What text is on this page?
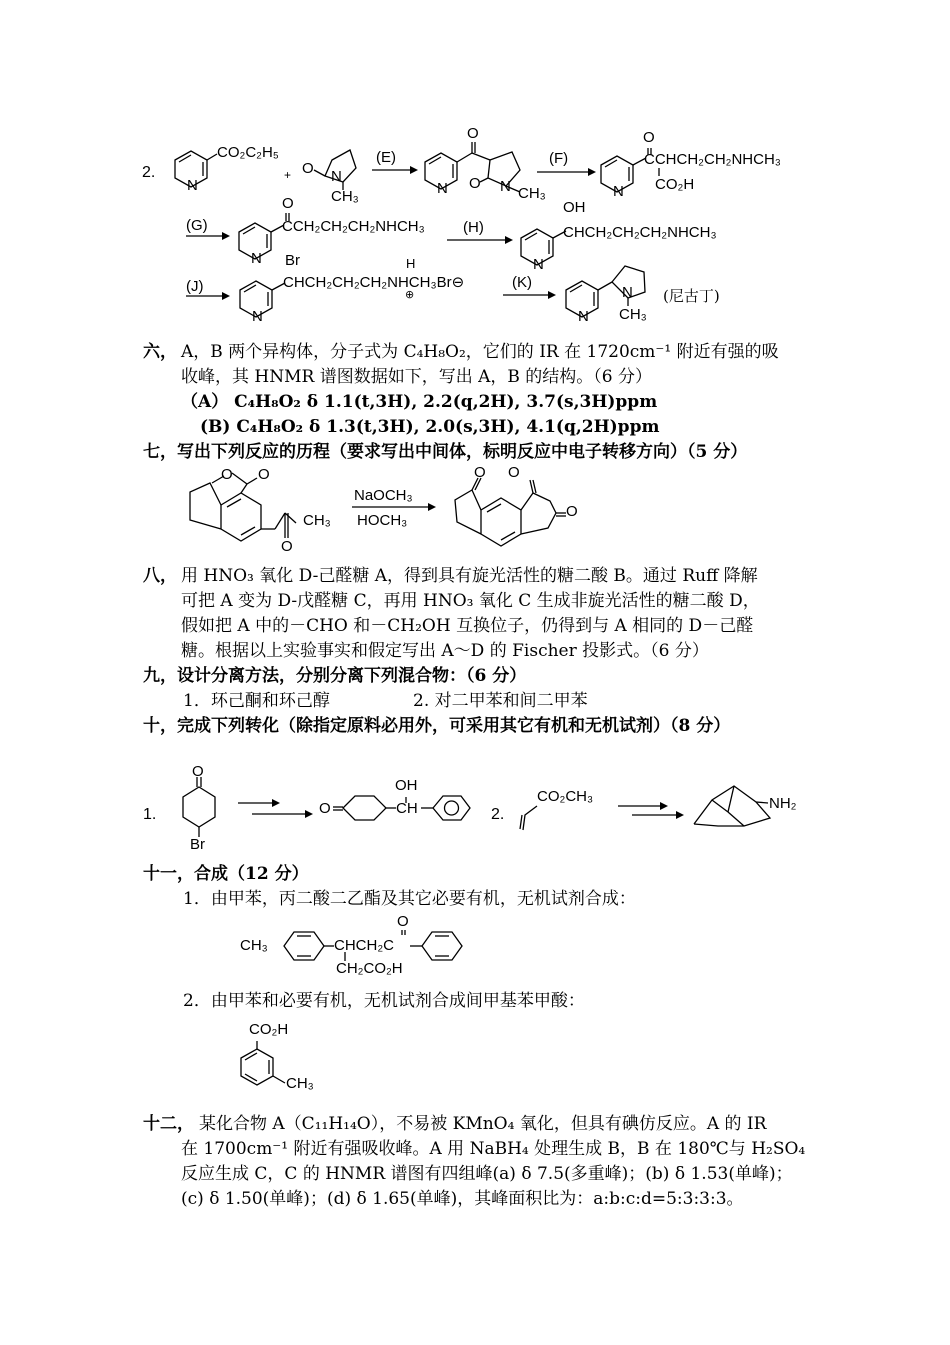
2.
N
CO₂C₂H₅
+ O N
CH₃
(E)
N
O
O N CH₃
(F)
N
O
CCHCH₂CH₂NHCH₃
CO₂H
(G)
N
O
CCH₂CH₂CH₂NHCH₃	(H)
N
OH
CHCH₂CH₂CH₂NHCH₃
(J)
N
Br	H
CHCH₂CH₂CH₂NHCH₃Br⊖
⊕
(K)
N
N
CH₃
(尼古丁)
六， A，B 两个异构体，分子式为 C₄H₈O₂，它们的 IR 在 1720cm⁻¹ 附近有强的吸
收峰，其 HNMR 谱图数据如下，写出 A，B 的结构。（6 分）
（A） C₄H₈O₂ δ 1.1(t,3H), 2.2(q,2H), 3.7(s,3H)ppm
(B) C₄H₈O₂ δ 1.3(t,3H), 2.0(s,3H), 4.1(q,2H)ppm
七，写出下列反应的历程（要求写出中间体，标明反应中电子转移方向）（5 分）
O O
O
CH₃
NaOCH₃
HOCH₃
O O
O
八， 用 HNO₃ 氧化 D-己醛糖 A，得到具有旋光活性的糖二酸 B。通过 Ruff 降解
可把 A 变为 D-戊醛糖 C，再用 HNO₃ 氧化 C 生成非旋光活性的糖二酸 D，
假如把 A 中的－CHO 和－CH₂OH 互换位子，仍得到与 A 相同的 D－己醛
糖。根据以上实验事实和假定写出 A～D 的 Fischer 投影式。（6 分）
九，设计分离方法，分别分离下列混合物：（6 分）
1．环己酮和环己醇	2. 对二甲苯和间二甲苯
十，完成下列转化（除指定原料必用外，可采用其它有机和无机试剂）（8 分）
1.
O
Br
O
OH
CH	2.
CO₂CH₃	NH₂
十一，合成（12 分）
1．由甲苯，丙二酸二乙酯及其它必要有机，无机试剂合成：
CH₃	CHCH₂C
O
CH₂CO₂H
2．由甲苯和必要有机，无机试剂合成间甲基苯甲酸：
CO₂H
CH₃
十二， 某化合物 A（C₁₁H₁₄O），不易被 KMnO₄ 氧化，但具有碘仿反应。A 的 IR
在 1700cm⁻¹ 附近有强吸收峰。A 用 NaBH₄ 处理生成 B，B 在 180℃与 H₂SO₄
反应生成 C，C 的 HNMR 谱图有四组峰(a) δ 7.5(多重峰)；(b) δ 1.53(单峰)；
(c) δ 1.50(单峰)；(d) δ 1.65(单峰)，其峰面积比为：a:b:c:d=5:3:3:3。
